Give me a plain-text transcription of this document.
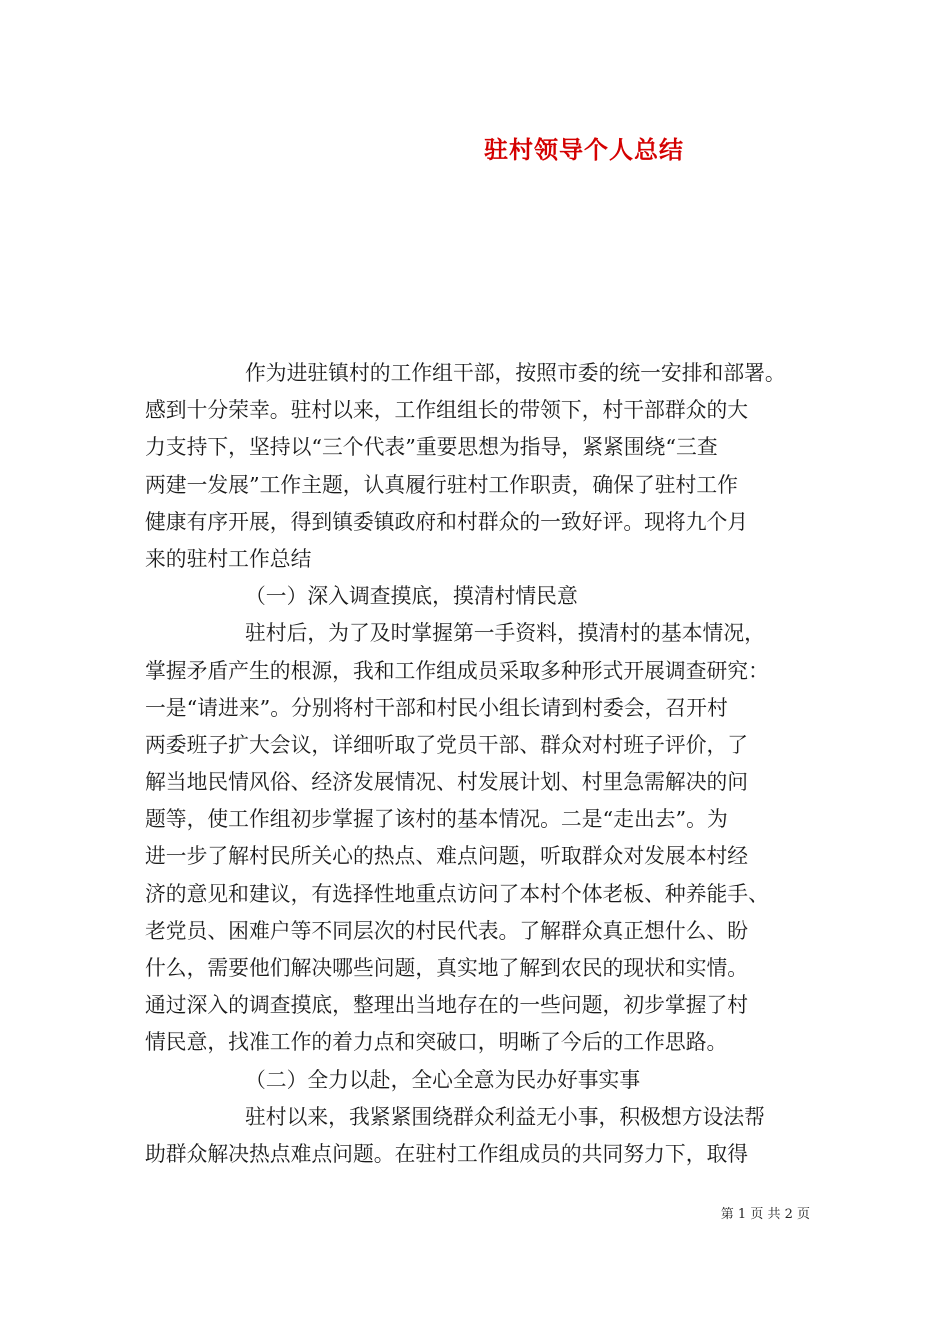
驻村领导个人总结
作为进驻镇村的工作组干部，按照市委的统一安排和部署。
感到十分荣幸。驻村以来，工作组组长的带领下，村干部群众的大
力支持下，坚持以“三个代表”重要思想为指导，紧紧围绕“三查
两建一发展”工作主题，认真履行驻村工作职责，确保了驻村工作
健康有序开展，得到镇委镇政府和村群众的一致好评。现将九个月
来的驻村工作总结
（一）深入调查摸底，摸清村情民意
驻村后，为了及时掌握第一手资料，摸清村的基本情况，
掌握矛盾产生的根源，我和工作组成员采取多种形式开展调查研究：
一是“请进来”。分别将村干部和村民小组长请到村委会，召开村
两委班子扩大会议，详细听取了党员干部、群众对村班子评价，了
解当地民情风俗、经济发展情况、村发展计划、村里急需解决的问
题等，使工作组初步掌握了该村的基本情况。二是“走出去”。为
进一步了解村民所关心的热点、难点问题，听取群众对发展本村经
济的意见和建议，有选择性地重点访问了本村个体老板、种养能手、
老党员、困难户等不同层次的村民代表。了解群众真正想什么、盼
什么，需要他们解决哪些问题，真实地了解到农民的现状和实情。
通过深入的调查摸底，整理出当地存在的一些问题，初步掌握了村
情民意，找准工作的着力点和突破口，明晰了今后的工作思路。
（二）全力以赴，全心全意为民办好事实事
驻村以来，我紧紧围绕群众利益无小事，积极想方设法帮
助群众解决热点难点问题。在驻村工作组成员的共同努力下，取得
第 1 页 共 2 页
